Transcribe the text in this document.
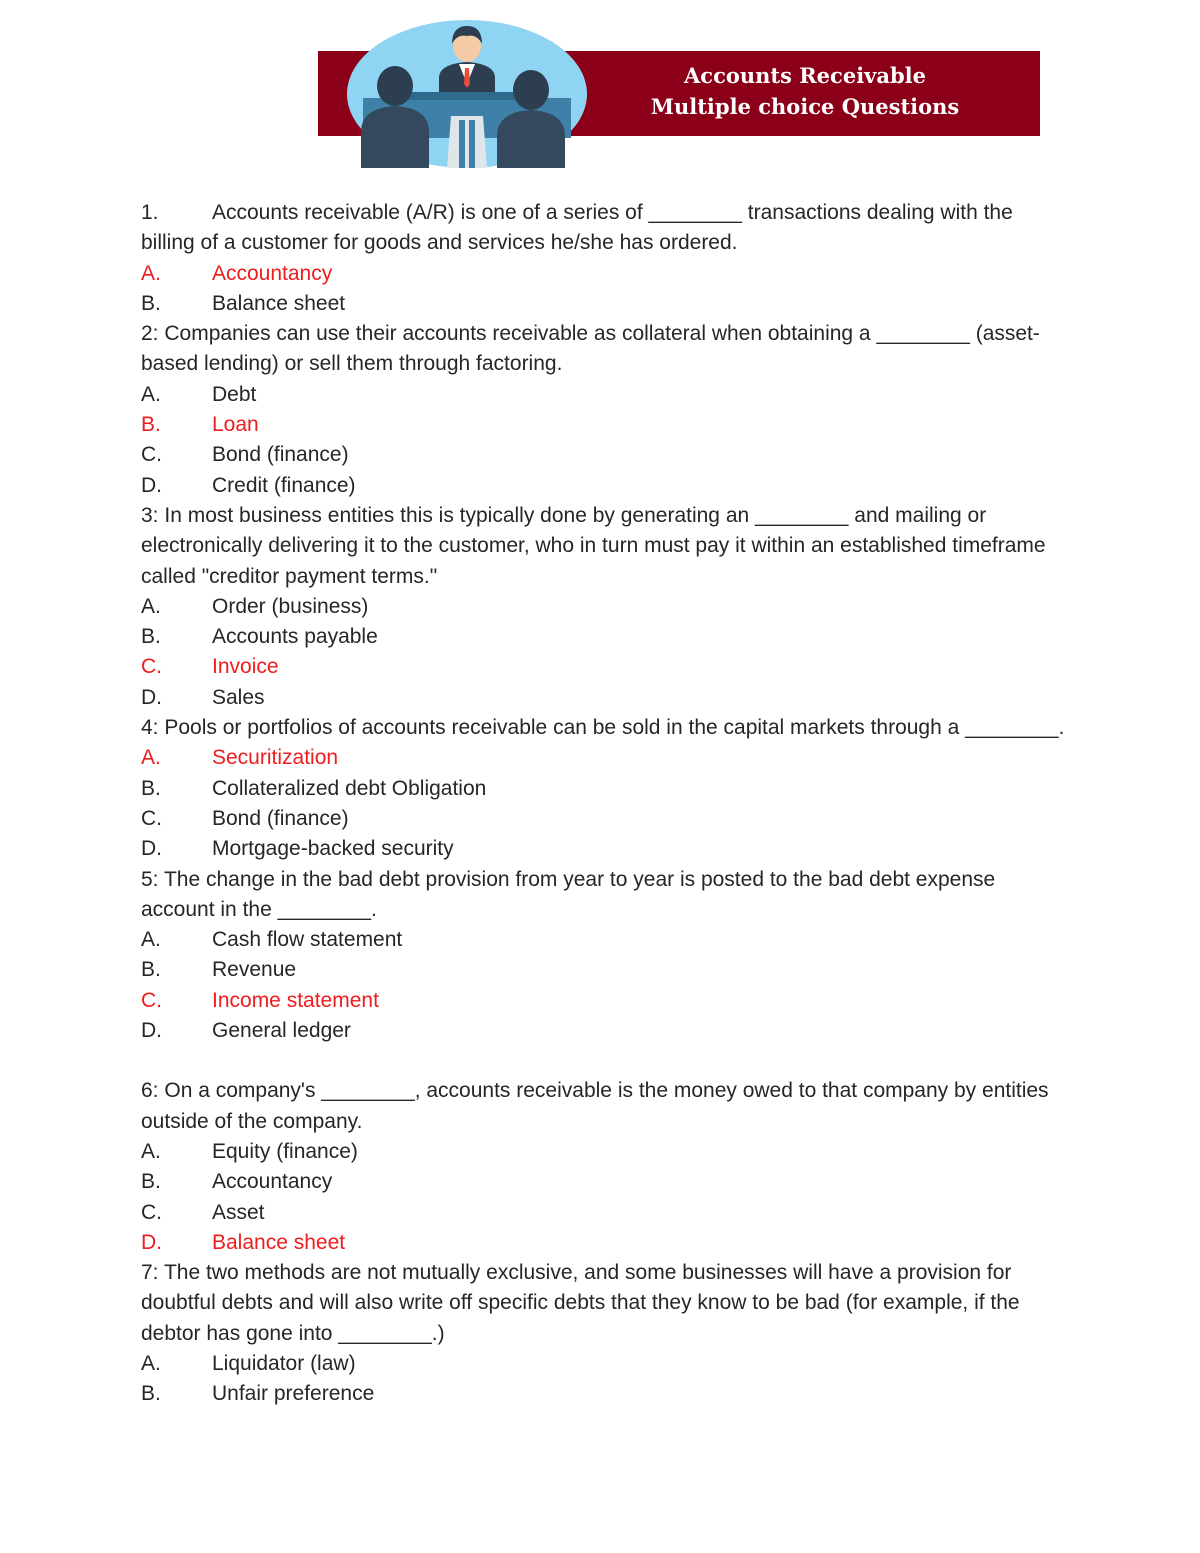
Accounts Receivable
Multiple choice Questions

1.	Accounts receivable (A/R) is one of a series of ________ transactions dealing with the billing of a customer for goods and services he/she has ordered.

A. Accountancy

B. Balance sheet

2: Companies can use their accounts receivable as collateral when obtaining a ________ (asset-based lending) or sell them through factoring.

A. Debt

B. Loan

C. Bond (finance)

D. Credit (finance)

3: In most business entities this is typically done by generating an ________ and mailing or electronically delivering it to the customer, who in turn must pay it within an established timeframe called "creditor payment terms."

A. Order (business)

B. Accounts payable

C. Invoice

D. Sales

4: Pools or portfolios of accounts receivable can be sold in the capital markets through a ________.

A. Securitization

B. Collateralized debt Obligation

C. Bond (finance)

D. Mortgage-backed security

5: The change in the bad debt provision from year to year is posted to the bad debt expense account in the ________.

A. Cash flow statement

B. Revenue

C. Income statement

D. General ledger

6: On a company's ________, accounts receivable is the money owed to that company by entities outside of the company.

A. Equity (finance)

B. Accountancy

C. Asset

D. Balance sheet

7: The two methods are not mutually exclusive, and some businesses will have a provision for doubtful debts and will also write off specific debts that they know to be bad (for example, if the debtor has gone into ________.)

A. Liquidator (law)

B. Unfair preference
